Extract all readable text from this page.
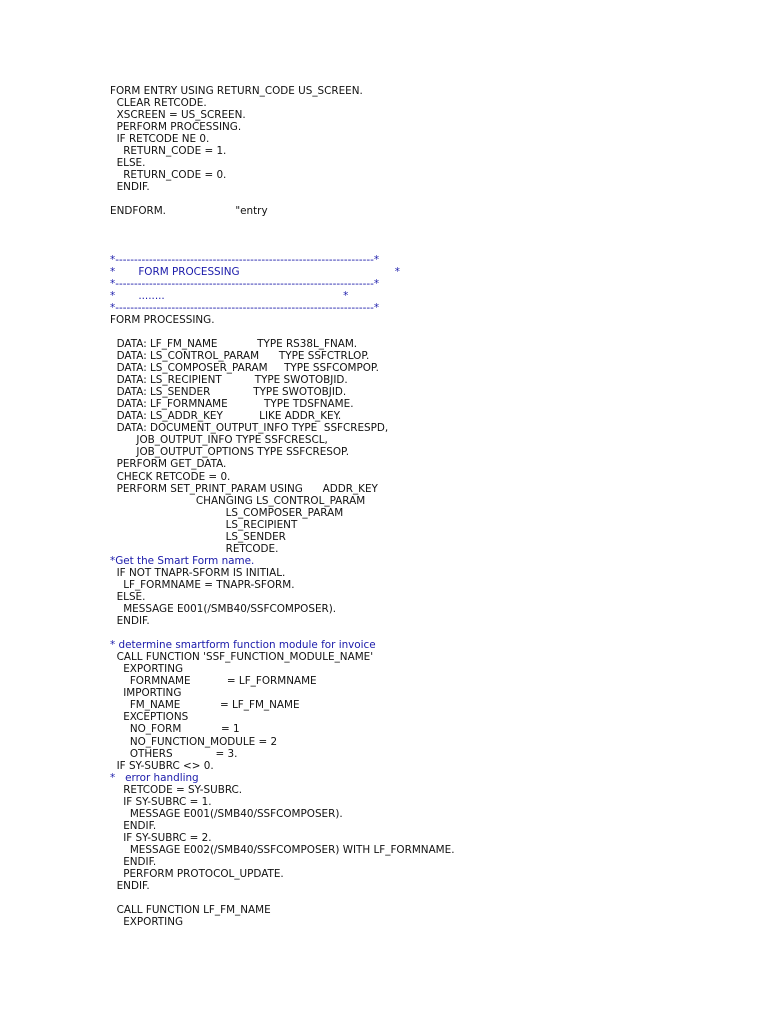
FORM ENTRY USING RETURN_CODE US_SCREEN.
CLEAR RETCODE.
XSCREEN = US_SCREEN.
PERFORM PROCESSING.
IF RETCODE NE 0.
RETURN_CODE = 1.
ELSE.
RETURN_CODE = 0.
ENDIF.
ENDFORM.                     "entry
*---------------------------------------------------------------------*
*       FORM PROCESSING                                               *
*---------------------------------------------------------------------*
*       ........                                                      *
*---------------------------------------------------------------------*
FORM PROCESSING.
DATA: LF_FM_NAME            TYPE RS38L_FNAM.
DATA: LS_CONTROL_PARAM      TYPE SSFCTRLOP.
DATA: LS_COMPOSER_PARAM     TYPE SSFCOMPOP.
DATA: LS_RECIPIENT          TYPE SWOTOBJID.
DATA: LS_SENDER             TYPE SWOTOBJID.
DATA: LF_FORMNAME           TYPE TDSFNAME.
DATA: LS_ADDR_KEY           LIKE ADDR_KEY.
DATA: DOCUMENT_OUTPUT_INFO TYPE  SSFCRESPD,
JOB_OUTPUT_INFO TYPE SSFCRESCL,
JOB_OUTPUT_OPTIONS TYPE SSFCRESOP.
PERFORM GET_DATA.
CHECK RETCODE = 0.
PERFORM SET_PRINT_PARAM USING      ADDR_KEY
CHANGING LS_CONTROL_PARAM
LS_COMPOSER_PARAM
LS_RECIPIENT
LS_SENDER
RETCODE.
*Get the Smart Form name.
IF NOT TNAPR-SFORM IS INITIAL.
LF_FORMNAME = TNAPR-SFORM.
ELSE.
MESSAGE E001(/SMB40/SSFCOMPOSER).
ENDIF.
* determine smartform function module for invoice
CALL FUNCTION 'SSF_FUNCTION_MODULE_NAME'
EXPORTING
FORMNAME           = LF_FORMNAME
IMPORTING
FM_NAME            = LF_FM_NAME
EXCEPTIONS
NO_FORM            = 1
NO_FUNCTION_MODULE = 2
OTHERS             = 3.
IF SY-SUBRC <> 0.
*   error handling
RETCODE = SY-SUBRC.
IF SY-SUBRC = 1.
MESSAGE E001(/SMB40/SSFCOMPOSER).
ENDIF.
IF SY-SUBRC = 2.
MESSAGE E002(/SMB40/SSFCOMPOSER) WITH LF_FORMNAME.
ENDIF.
PERFORM PROTOCOL_UPDATE.
ENDIF.
CALL FUNCTION LF_FM_NAME
EXPORTING
